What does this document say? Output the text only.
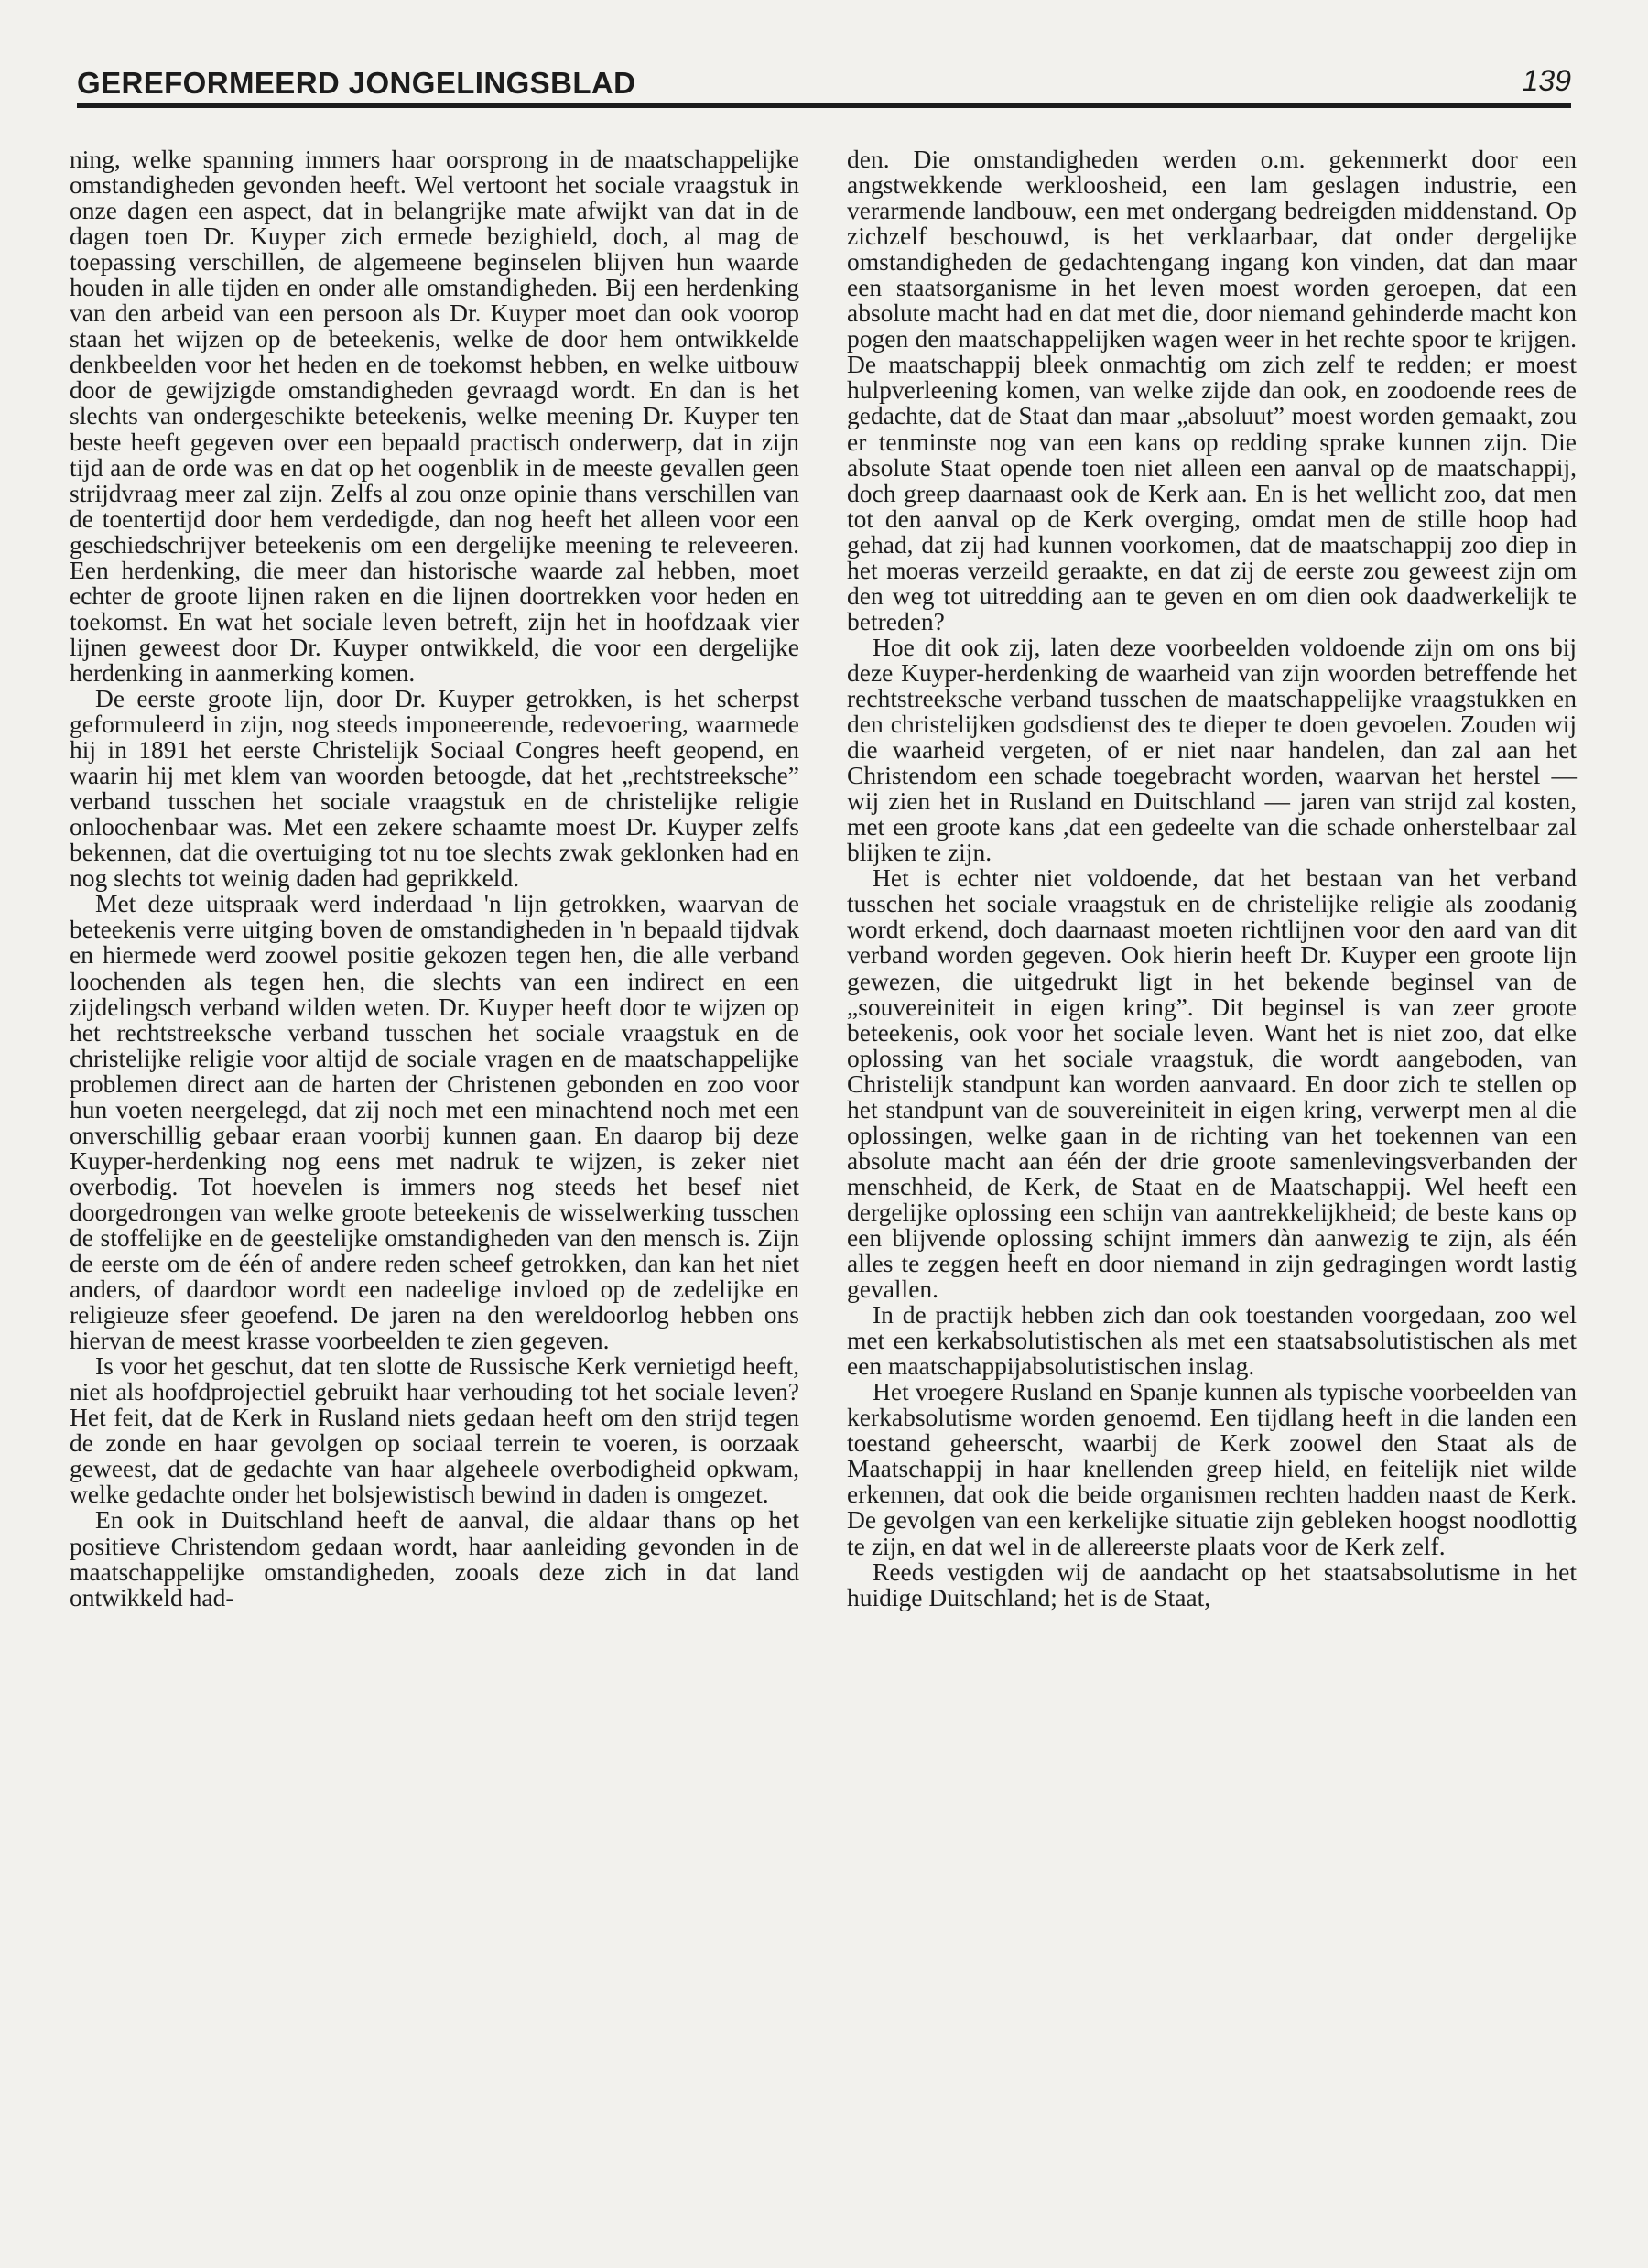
GEREFORMEERD JONGELINGSBLAD	139

ning, welke spanning immers haar oorsprong in de maatschappelijke omstandigheden gevonden heeft. Wel vertoont het sociale vraagstuk in onze dagen een aspect, dat in belangrijke mate afwijkt van dat in de dagen toen Dr. Kuyper zich ermede bezighield, doch, al mag de toepassing verschillen, de algemeene beginselen blijven hun waarde houden in alle tijden en onder alle omstandigheden. Bij een herdenking van den arbeid van een persoon als Dr. Kuyper moet dan ook voorop staan het wijzen op de beteekenis, welke de door hem ontwikkelde denkbeelden voor het heden en de toekomst hebben, en welke uitbouw door de gewijzigde omstandigheden gevraagd wordt. En dan is het slechts van ondergeschikte beteekenis, welke meening Dr. Kuyper ten beste heeft gegeven over een bepaald practisch onderwerp, dat in zijn tijd aan de orde was en dat op het oogenblik in de meeste gevallen geen strijdvraag meer zal zijn. Zelfs al zou onze opinie thans verschillen van de toentertijd door hem verdedigde, dan nog heeft het alleen voor een geschiedschrijver beteekenis om een dergelijke meening te releveeren. Een herdenking, die meer dan historische waarde zal hebben, moet echter de groote lijnen raken en die lijnen doortrekken voor heden en toekomst. En wat het sociale leven betreft, zijn het in hoofdzaak vier lijnen geweest door Dr. Kuyper ontwikkeld, die voor een dergelijke herdenking in aanmerking komen.

De eerste groote lijn, door Dr. Kuyper getrokken, is het scherpst geformuleerd in zijn, nog steeds imponeerende, redevoering, waarmede hij in 1891 het eerste Christelijk Sociaal Congres heeft geopend, en waarin hij met klem van woorden betoogde, dat het „rechtstreeksche” verband tusschen het sociale vraagstuk en de christelijke religie onloochenbaar was. Met een zekere schaamte moest Dr. Kuyper zelfs bekennen, dat die overtuiging tot nu toe slechts zwak geklonken had en nog slechts tot weinig daden had geprikkeld.

Met deze uitspraak werd inderdaad 'n lijn getrokken, waarvan de beteekenis verre uitging boven de omstandigheden in 'n bepaald tijdvak en hiermede werd zoowel positie gekozen tegen hen, die alle verband loochenden als tegen hen, die slechts van een indirect en een zijdelingsch verband wilden weten. Dr. Kuyper heeft door te wijzen op het rechtstreeksche verband tusschen het sociale vraagstuk en de christelijke religie voor altijd de sociale vragen en de maatschappelijke problemen direct aan de harten der Christenen gebonden en zoo voor hun voeten neergelegd, dat zij noch met een minachtend noch met een onverschillig gebaar eraan voorbij kunnen gaan. En daarop bij deze Kuyper-herdenking nog eens met nadruk te wijzen, is zeker niet overbodig. Tot hoevelen is immers nog steeds het besef niet doorgedrongen van welke groote beteekenis de wisselwerking tusschen de stoffelijke en de geestelijke omstandigheden van den mensch is. Zijn de eerste om de één of andere reden scheef getrokken, dan kan het niet anders, of daardoor wordt een nadeelige invloed op de zedelijke en religieuze sfeer geoefend. De jaren na den wereldoorlog hebben ons hiervan de meest krasse voorbeelden te zien gegeven.

Is voor het geschut, dat ten slotte de Russische Kerk vernietigd heeft, niet als hoofdprojectiel gebruikt haar verhouding tot het sociale leven? Het feit, dat de Kerk in Rusland niets gedaan heeft om den strijd tegen de zonde en haar gevolgen op sociaal terrein te voeren, is oorzaak geweest, dat de gedachte van haar algeheele overbodigheid opkwam, welke gedachte onder het bolsjewistisch bewind in daden is omgezet.

En ook in Duitschland heeft de aanval, die aldaar thans op het positieve Christendom gedaan wordt, haar aanleiding gevonden in de maatschappelijke omstandigheden, zooals deze zich in dat land ontwikkeld had-

den. Die omstandigheden werden o.m. gekenmerkt door een angstwekkende werkloosheid, een lam geslagen industrie, een verarmende landbouw, een met ondergang bedreigden middenstand. Op zichzelf beschouwd, is het verklaarbaar, dat onder dergelijke omstandigheden de gedachtengang ingang kon vinden, dat dan maar een staatsorganisme in het leven moest worden geroepen, dat een absolute macht had en dat met die, door niemand gehinderde macht kon pogen den maatschappelijken wagen weer in het rechte spoor te krijgen. De maatschappij bleek onmachtig om zich zelf te redden; er moest hulpverleening komen, van welke zijde dan ook, en zoodoende rees de gedachte, dat de Staat dan maar „absoluut” moest worden gemaakt, zou er tenminste nog van een kans op redding sprake kunnen zijn. Die absolute Staat opende toen niet alleen een aanval op de maatschappij, doch greep daarnaast ook de Kerk aan. En is het wellicht zoo, dat men tot den aanval op de Kerk overging, omdat men de stille hoop had gehad, dat zij had kunnen voorkomen, dat de maatschappij zoo diep in het moeras verzeild geraakte, en dat zij de eerste zou geweest zijn om den weg tot uitredding aan te geven en om dien ook daadwerkelijk te betreden?

Hoe dit ook zij, laten deze voorbeelden voldoende zijn om ons bij deze Kuyper-herdenking de waarheid van zijn woorden betreffende het rechtstreeksche verband tusschen de maatschappelijke vraagstukken en den christelijken godsdienst des te dieper te doen gevoelen. Zouden wij die waarheid vergeten, of er niet naar handelen, dan zal aan het Christendom een schade toegebracht worden, waarvan het herstel — wij zien het in Rusland en Duitschland — jaren van strijd zal kosten, met een groote kans ,dat een gedeelte van die schade onherstelbaar zal blijken te zijn.

Het is echter niet voldoende, dat het bestaan van het verband tusschen het sociale vraagstuk en de christelijke religie als zoodanig wordt erkend, doch daarnaast moeten richtlijnen voor den aard van dit verband worden gegeven. Ook hierin heeft Dr. Kuyper een groote lijn gewezen, die uitgedrukt ligt in het bekende beginsel van de „souvereiniteit in eigen kring”. Dit beginsel is van zeer groote beteekenis, ook voor het sociale leven. Want het is niet zoo, dat elke oplossing van het sociale vraagstuk, die wordt aangeboden, van Christelijk standpunt kan worden aanvaard. En door zich te stellen op het standpunt van de souvereiniteit in eigen kring, verwerpt men al die oplossingen, welke gaan in de richting van het toekennen van een absolute macht aan één der drie groote samenlevingsverbanden der menschheid, de Kerk, de Staat en de Maatschappij. Wel heeft een dergelijke oplossing een schijn van aantrekkelijkheid; de beste kans op een blijvende oplossing schijnt immers dàn aanwezig te zijn, als één alles te zeggen heeft en door niemand in zijn gedragingen wordt lastig gevallen.

In de practijk hebben zich dan ook toestanden voorgedaan, zoo wel met een kerkabsolutistischen als met een staatsabsolutistischen als met een maatschappijabsolutistischen inslag.

Het vroegere Rusland en Spanje kunnen als typische voorbeelden van kerkabsolutisme worden genoemd. Een tijdlang heeft in die landen een toestand geheerscht, waarbij de Kerk zoowel den Staat als de Maatschappij in haar knellenden greep hield, en feitelijk niet wilde erkennen, dat ook die beide organismen rechten hadden naast de Kerk. De gevolgen van een kerkelijke situatie zijn gebleken hoogst noodlottig te zijn, en dat wel in de allereerste plaats voor de Kerk zelf.

Reeds vestigden wij de aandacht op het staatsabsolutisme in het huidige Duitschland; het is de Staat,
